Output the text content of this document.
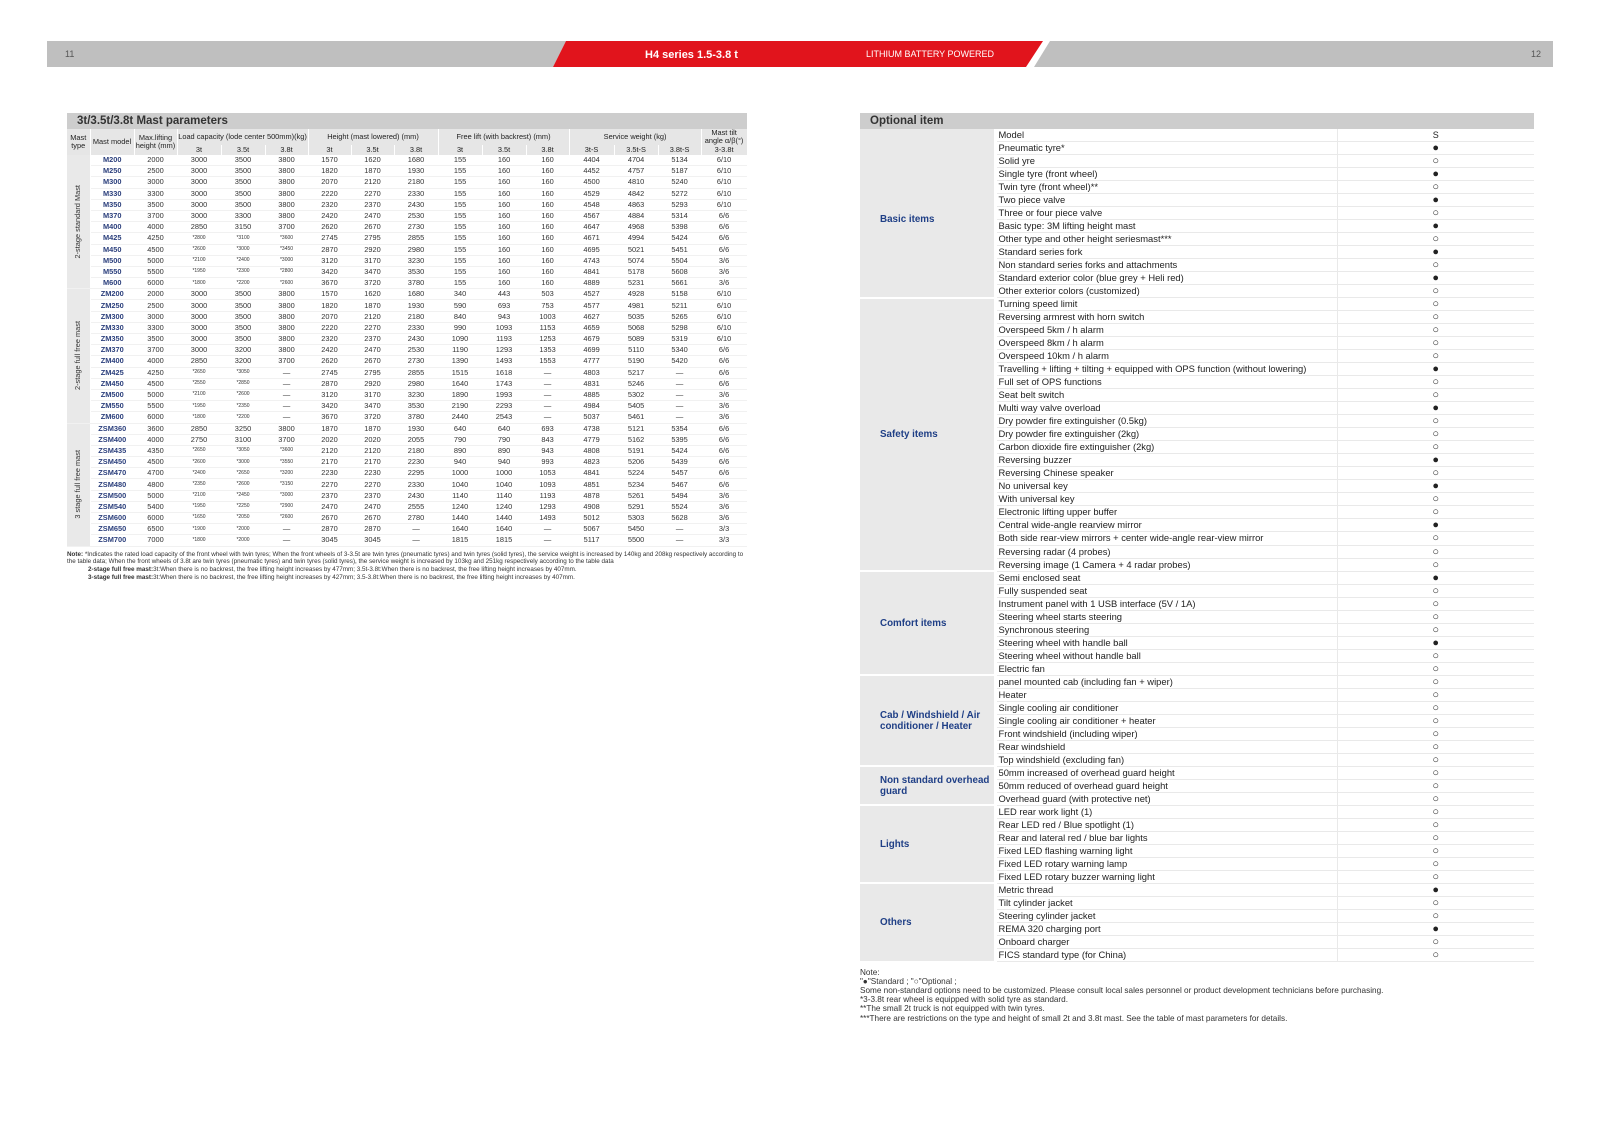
11	12
H4 series 1.5-3.8 t	LITHIUM BATTERY POWERED
3t/3.5t/3.8t Mast parameters
Mast type	Mast model	Max.lifting height (mm)	Load capacity (lode center 500mm)(kg)			Height (mast lowered) (mm)			Free lift (with backrest) (mm)			Service weight (kg)			Mast tilt angle α/β(°)
			3t	3.5t	3.8t	3t	3.5t	3.8t	3t	3.5t	3.8t	3t-S	3.5t-S	3.8t-S	3-3.8t

2-stage standard Mast	M200	2000	3000	3500	3800	1570	1620	1680	155	160	160	4404	4704	5134	6/10
	M250	2500	3000	3500	3800	1820	1870	1930	155	160	160	4452	4757	5187	6/10
	M300	3000	3000	3500	3800	2070	2120	2180	155	160	160	4500	4810	5240	6/10
	M330	3300	3000	3500	3800	2220	2270	2330	155	160	160	4529	4842	5272	6/10
	M350	3500	3000	3500	3800	2320	2370	2430	155	160	160	4548	4863	5293	6/10
	M370	3700	3000	3300	3800	2420	2470	2530	155	160	160	4567	4884	5314	6/6
	M400	4000	2850	3150	3700	2620	2670	2730	155	160	160	4647	4968	5398	6/6
	M425	4250	*2800	*3100	*3600	2745	2795	2855	155	160	160	4671	4994	5424	6/6
	M450	4500	*2600	*3000	*3450	2870	2920	2980	155	160	160	4695	5021	5451	6/6
	M500	5000	*2100	*2400	*3000	3120	3170	3230	155	160	160	4743	5074	5504	3/6
	M550	5500	*1950	*2300	*2800	3420	3470	3530	155	160	160	4841	5178	5608	3/6
	M600	6000	*1800	*2200	*2600	3670	3720	3780	155	160	160	4889	5231	5661	3/6

2-stage full free mast	ZM200	2000	3000	3500	3800	1570	1620	1680	340	443	503	4527	4928	5158	6/10
	ZM250	2500	3000	3500	3800	1820	1870	1930	590	693	753	4577	4981	5211	6/10
	ZM300	3000	3000	3500	3800	2070	2120	2180	840	943	1003	4627	5035	5265	6/10
	ZM330	3300	3000	3500	3800	2220	2270	2330	990	1093	1153	4659	5068	5298	6/10
	ZM350	3500	3000	3500	3800	2320	2370	2430	1090	1193	1253	4679	5089	5319	6/10
	ZM370	3700	3000	3200	3800	2420	2470	2530	1190	1293	1353	4699	5110	5340	6/6
	ZM400	4000	2850	3200	3700	2620	2670	2730	1390	1493	1553	4777	5190	5420	6/6
	ZM425	4250	*2650	*3050	—	2745	2795	2855	1515	1618	—	4803	5217	—	6/6
	ZM450	4500	*2550	*2850	—	2870	2920	2980	1640	1743	—	4831	5246	—	6/6
	ZM500	5000	*2100	*2600	—	3120	3170	3230	1890	1993	—	4885	5302	—	3/6
	ZM550	5500	*1950	*2350	—	3420	3470	3530	2190	2293	—	4984	5405	—	3/6
	ZM600	6000	*1800	*2200	—	3670	3720	3780	2440	2543	—	5037	5461	—	3/6

3 stage full free mast	ZSM360	3600	2850	3250	3800	1870	1870	1930	640	640	693	4738	5121	5354	6/6
	ZSM400	4000	2750	3100	3700	2020	2020	2055	790	790	843	4779	5162	5395	6/6
	ZSM435	4350	*2650	*3050	*3600	2120	2120	2180	890	890	943	4808	5191	5424	6/6
	ZSM450	4500	*2600	*3000	*3550	2170	2170	2230	940	940	993	4823	5206	5439	6/6
	ZSM470	4700	*2400	*2650	*3200	2230	2230	2295	1000	1000	1053	4841	5224	5457	6/6
	ZSM480	4800	*2350	*2600	*3150	2270	2270	2330	1040	1040	1093	4851	5234	5467	6/6
	ZSM500	5000	*2100	*2450	*3000	2370	2370	2430	1140	1140	1193	4878	5261	5494	3/6
	ZSM540	5400	*1950	*2250	*2900	2470	2470	2555	1240	1240	1293	4908	5291	5524	3/6
	ZSM600	6000	*1650	*2050	*2600	2670	2670	2780	1440	1440	1493	5012	5303	5628	3/6
	ZSM650	6500	*1900	*2000	—	2870	2870	—	1640	1640	—	5067	5450	—	3/3
	ZSM700	7000	*1800	*2000	—	3045	3045	—	1815	1815	—	5117	5500	—	3/3
Note: *Indicates the rated load capacity of the front wheel with twin tyres; When the front wheels of 3-3.5t are twin tyres (pneumatic tyres) and twin tyres (solid tyres), the service weight is increased by 140kg and 208kg respectively according to the table data; When the front wheels of 3.8t are twin tyres (pneumatic tyres) and twin tyres (solid tyres), the service weight is increased by 103kg and 251kg respectively according to the table data
2-stage full free mast:3t:When there is no backrest, the free lifting height increases by 477mm; 3.5t-3.8t:When there is no backrest, the free lifting height increases by 407mm.
3-stage full free mast:3t:When there is no backrest, the free lifting height increases by 427mm; 3.5-3.8t:When there is no backrest, the free lifting height increases by 407mm.
Optional item
	Model	S
Basic items	Pneumatic tyre*	●
	Solid yre	○
	Single tyre (front wheel)	●
	Twin tyre (front wheel)**	○
	Two piece valve	●
	Three or four piece valve	○
	Basic type: 3M lifting height mast	●
	Other type and other height seriesmast***	○
	Standard series fork	●
	Non standard series forks and attachments	○
	Standard exterior color (blue grey + Heli red)	●
	Other exterior colors (customized)	○
Safety items	Turning speed limit	○
	Reversing armrest with horn switch	○
	Overspeed 5km / h alarm	○
	Overspeed 8km / h alarm	○
	Overspeed 10km / h alarm	○
	Travelling + lifting + tilting + equipped with OPS function (without lowering)	●
	Full set of OPS functions	○
	Seat belt switch	○
	Multi way valve overload	●
	Dry powder fire extinguisher (0.5kg)	○
	Dry powder fire extinguisher (2kg)	○
	Carbon dioxide fire extinguisher (2kg)	○
	Reversing buzzer	●
	Reversing Chinese speaker	○
	No universal key	●
	With universal key	○
	Electronic lifting upper buffer	○
	Central wide-angle rearview mirror	●
	Both side rear-view mirrors + center wide-angle rear-view mirror	○
	Reversing radar (4 probes)	○
	Reversing image (1 Camera + 4 radar probes)	○
Comfort items	Semi enclosed seat	●
	Fully suspended seat	○
	Instrument panel with 1 USB interface (5V / 1A)	○
	Steering wheel starts steering	○
	Synchronous steering	○
	Steering wheel with handle ball	●
	Steering wheel without handle ball	○
	Electric fan	○
Cab / Windshield / Air conditioner / Heater	panel mounted cab (including fan + wiper)	○
	Heater	○
	Single cooling air conditioner	○
	Single cooling air conditioner + heater	○
	Front windshield (including wiper)	○
	Rear windshield	○
	Top windshield (excluding fan)	○
Non standard overhead guard	50mm increased of overhead guard height	○
	50mm reduced of overhead guard height	○
	Overhead guard (with protective net)	○
Lights	LED rear work light (1)	○
	Rear LED red / Blue spotlight (1)	○
	Rear and lateral red / blue bar lights	○
	Fixed LED flashing warning light	○
	Fixed LED rotary warning lamp	○
	Fixed LED rotary buzzer warning light	○
Others	Metric thread	●
	Tilt cylinder jacket	○
	Steering cylinder jacket	○
	REMA 320 charging port	●
	Onboard charger	○
	FICS standard type (for China)	○
Note:
"●"Standard ; "○"Optional ;
Some non-standard options need to be customized. Please consult local sales personnel or product development technicians before purchasing.
*3-3.8t rear wheel is equipped with solid tyre as standard.
**The small 2t truck is not equipped with twin tyres.
***There are restrictions on the type and height of small 2t and 3.8t mast. See the table of mast parameters for details.
